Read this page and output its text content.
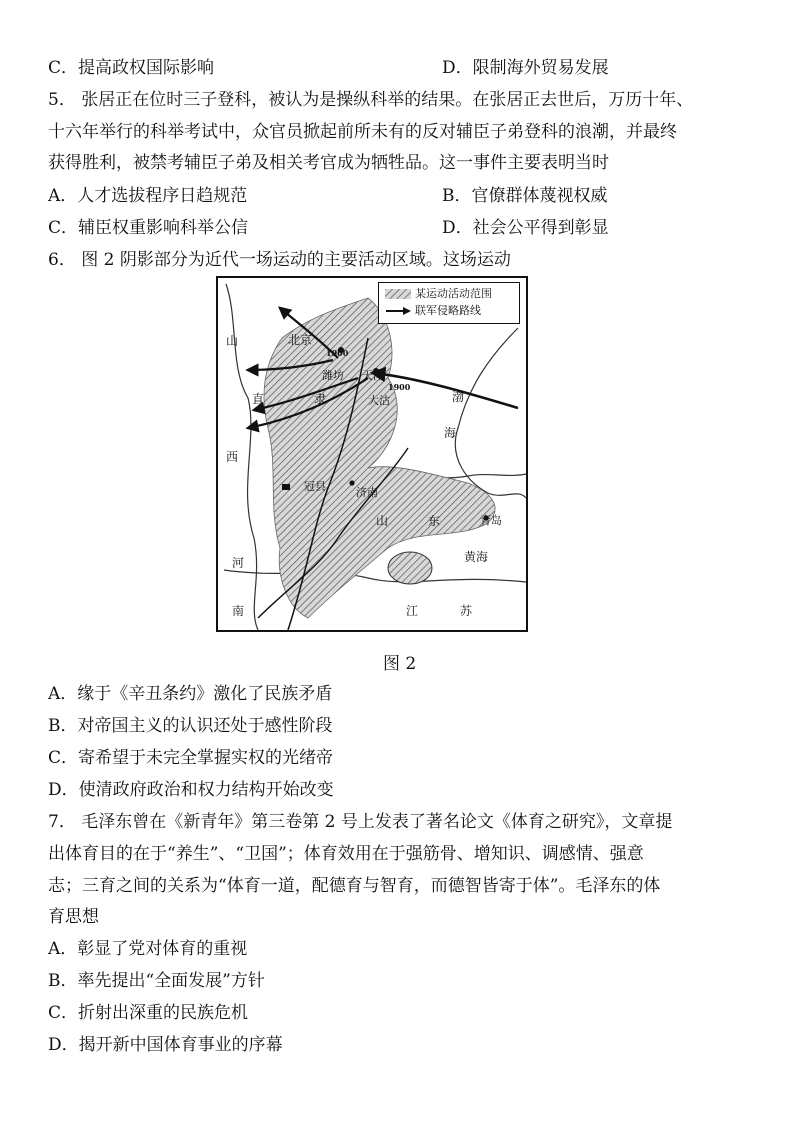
C．提高政权国际影响	D．限制海外贸易发展
5． 张居正在位时三子登科，被认为是操纵科举的结果。在张居正去世后，万历十年、
十六年举行的科举考试中，众官员掀起前所未有的反对辅臣子弟登科的浪潮，并最终
获得胜利，被禁考辅臣子弟及相关考官成为牺牲品。这一事件主要表明当时
A．人才选拔程序日趋规范	B．官僚群体蔑视权威
C．辅臣权重影响科举公信	D．社会公平得到彰显
6． 图 2 阴影部分为近代一场运动的主要活动区域。这场运动
某运动活动范围
联军侵略路线
山
西
河
南
直	隶
北京
潍坊 天津
大沽	渤
海
冠县	济南
山	东	青岛
黄海
江	苏
1900
1900
图 2
A．缘于《辛丑条约》激化了民族矛盾
B．对帝国主义的认识还处于感性阶段
C．寄希望于未完全掌握实权的光绪帝
D．使清政府政治和权力结构开始改变
7． 毛泽东曾在《新青年》第三卷第 2 号上发表了著名论文《体育之研究》，文章提
出体育目的在于“养生”、“卫国”；体育效用在于强筋骨、增知识、调感情、强意
志；三育之间的关系为“体育一道，配德育与智育，而德智皆寄于体”。毛泽东的体
育思想
A．彰显了党对体育的重视
B．率先提出“全面发展”方针
C．折射出深重的民族危机
D．揭开新中国体育事业的序幕
